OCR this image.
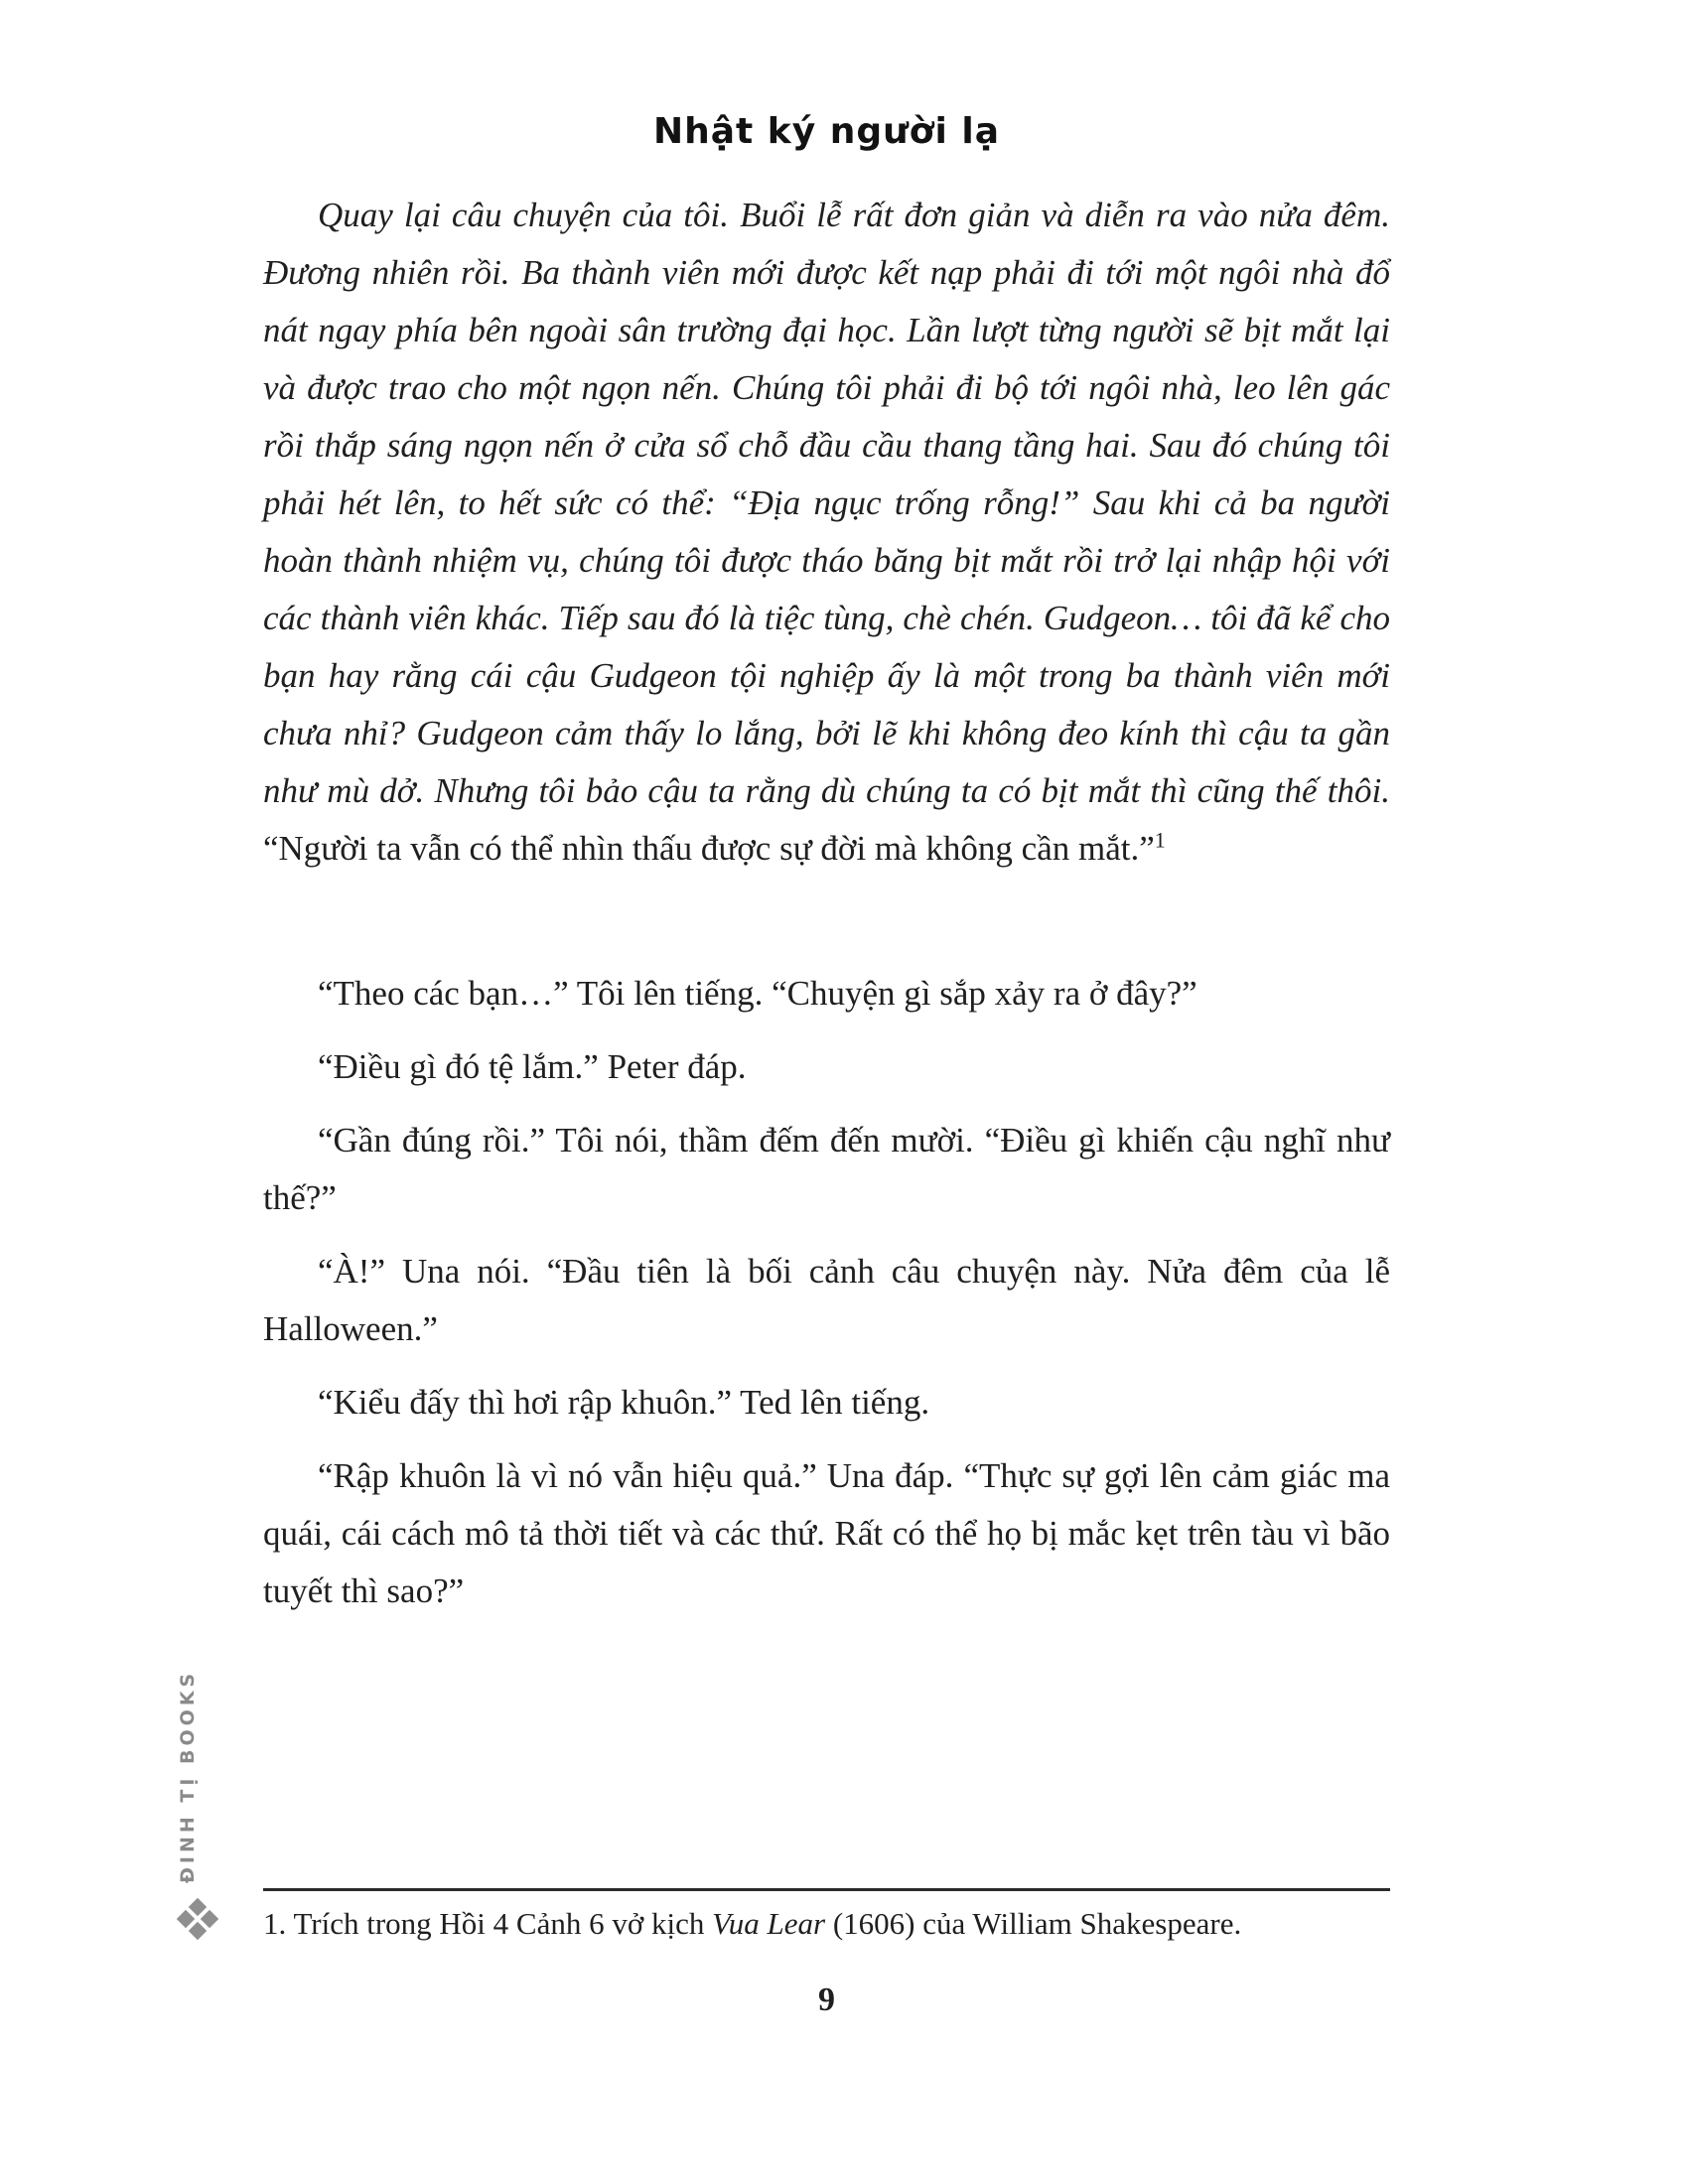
Nhật ký người lạ

Quay lại câu chuyện của tôi. Buổi lễ rất đơn giản và diễn ra vào nửa đêm. Đương nhiên rồi. Ba thành viên mới được kết nạp phải đi tới một ngôi nhà đổ nát ngay phía bên ngoài sân trường đại học. Lần lượt từng người sẽ bịt mắt lại và được trao cho một ngọn nến. Chúng tôi phải đi bộ tới ngôi nhà, leo lên gác rồi thắp sáng ngọn nến ở cửa sổ chỗ đầu cầu thang tầng hai. Sau đó chúng tôi phải hét lên, to hết sức có thể: “Địa ngục trống rỗng!” Sau khi cả ba người hoàn thành nhiệm vụ, chúng tôi được tháo băng bịt mắt rồi trở lại nhập hội với các thành viên khác. Tiếp sau đó là tiệc tùng, chè chén. Gudgeon… tôi đã kể cho bạn hay rằng cái cậu Gudgeon tội nghiệp ấy là một trong ba thành viên mới chưa nhỉ? Gudgeon cảm thấy lo lắng, bởi lẽ khi không đeo kính thì cậu ta gần như mù dở. Nhưng tôi bảo cậu ta rằng dù chúng ta có bịt mắt thì cũng thế thôi. “Người ta vẫn có thể nhìn thấu được sự đời mà không cần mắt.”$^1$

“Theo các bạn…” Tôi lên tiếng. “Chuyện gì sắp xảy ra ở đây?”

“Điều gì đó tệ lắm.” Peter đáp.

“Gần đúng rồi.” Tôi nói, thầm đếm đến mười. “Điều gì khiến cậu nghĩ như thế?”

“À!” Una nói. “Đầu tiên là bối cảnh câu chuyện này. Nửa đêm của lễ Halloween.”

“Kiểu đấy thì hơi rập khuôn.” Ted lên tiếng.

“Rập khuôn là vì nó vẫn hiệu quả.” Una đáp. “Thực sự gợi lên cảm giác ma quái, cái cách mô tả thời tiết và các thứ. Rất có thể họ bị mắc kẹt trên tàu vì bão tuyết thì sao?”

1. Trích trong Hồi 4 Cảnh 6 vở kịch Vua Lear (1606) của William Shakespeare.

9
ĐINH TỊ BOOKS
